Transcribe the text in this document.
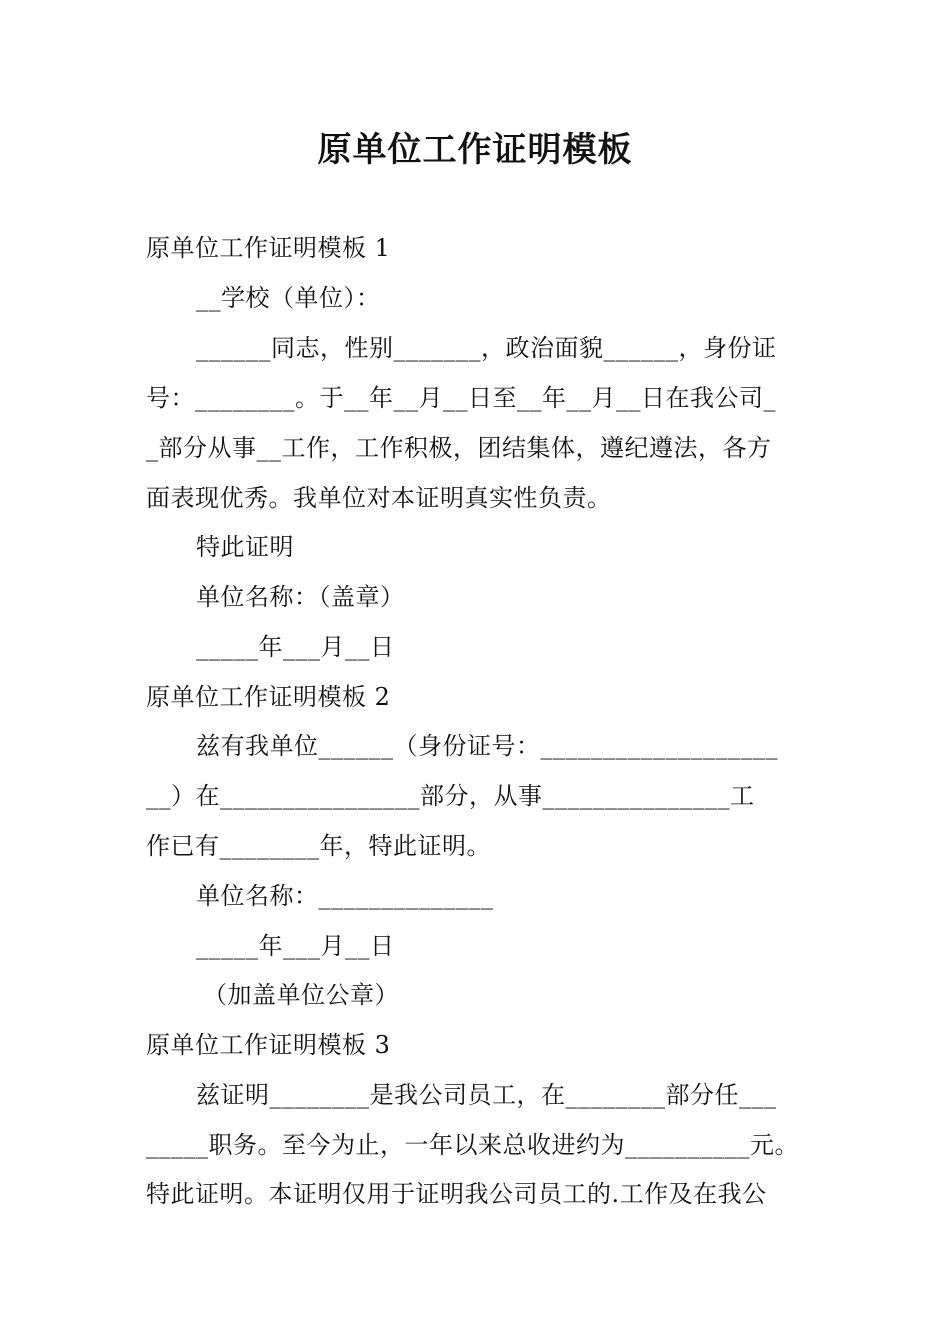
原单位工作证明模板
原单位工作证明模板 1
__学校（单位）：
______同志，性别_______，政治面貌______，身份证
号：________。于__年__月__日至__年__月__日在我公司_
_部分从事__工作，工作积极，团结集体，遵纪遵法，各方
面表现优秀。我单位对本证明真实性负责。
特此证明
单位名称：（盖章）
_____年___月__日
原单位工作证明模板 2
兹有我单位______（身份证号：___________________
__）在________________部分，从事_______________工
作已有________年，特此证明。
单位名称：______________
_____年___月__日
（加盖单位公章）
原单位工作证明模板 3
兹证明________是我公司员工，在________部分任___
_____职务。至今为止，一年以来总收进约为__________元。
特此证明。本证明仅用于证明我公司员工的.工作及在我公
